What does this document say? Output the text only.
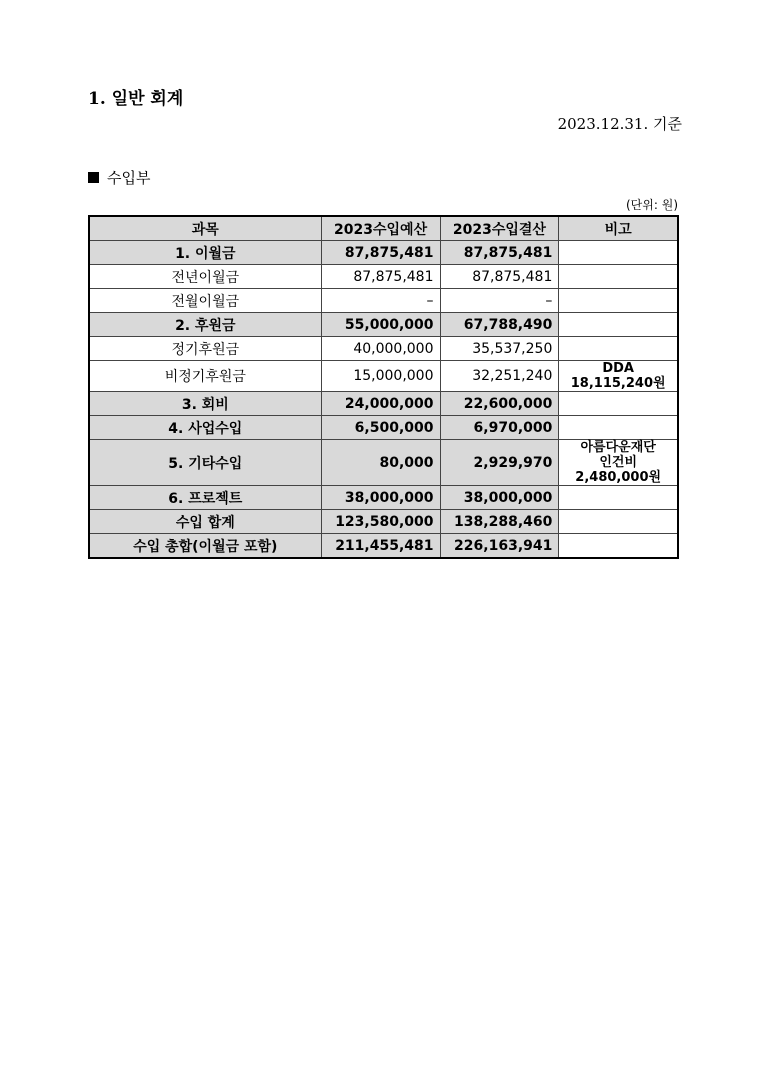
1. 일반 회계
2023.12.31. 기준
수입부
(단위: 원)
과목	2023수입예산	2023수입결산	비고
1. 이월금	87,875,481	87,875,481	
전년이월금	87,875,481	87,875,481	
전월이월금	–	–	
2. 후원금	55,000,000	67,788,490	
정기후원금	40,000,000	35,537,250	
비정기후원금	15,000,000	32,251,240	DDA
18,115,240원
3. 회비	24,000,000	22,600,000	
4. 사업수입	6,500,000	6,970,000	
5. 기타수입	80,000	2,929,970	아름다운재단
인건비
2,480,000원
6. 프로젝트	38,000,000	38,000,000	
수입 합계	123,580,000	138,288,460	
수입 총합(이월금 포함)	211,455,481	226,163,941	
